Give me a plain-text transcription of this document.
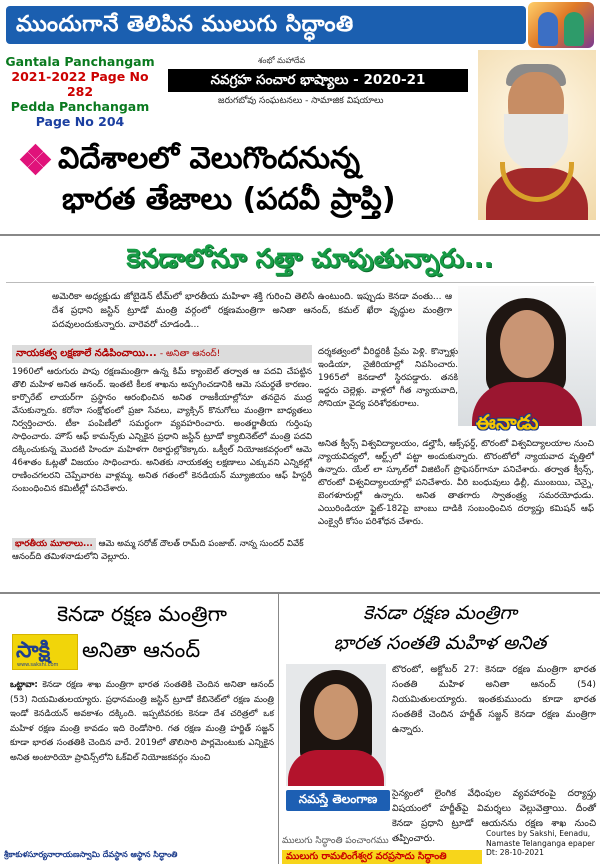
ముందుగానే తెలిపిన ములుగు సిద్ధాంతి
Gantala Panchangam
2021-2022 Page No 282
Pedda Panchangam
Page No 204
శంభో మహాదేవ
నవగ్రహ సంచార భాష్యాలు - 2020-21
జరుగబోవు సంఘటనలు - సామాజిక విషయాలు
విదేశాలలో వెలుగొందనున్న
భారత తేజాలు (పదవీ ప్రాప్తి)
కెనడాలోనూ సత్తా చూపుతున్నారు...
అమెరికా అధ్యక్షుడు జోబైడెన్ టీమ్‌లో భారతీయ మహిళా శక్తి గురించి తెలిసే ఉంటుంది. ఇప్పుడు కెనడా వంతు... ఆ దేశ ప్రధాని జస్టిన్ ట్రూడో మంత్రి వర్గంలో రక్షణమంత్రిగా అనితా ఆనంద్, కమల్ ఖేరా వృద్ధుల మంత్రిగా పదవులందుకున్నారు. వారెవరో చూడండి...
ఈనాడు
నాయకత్వ లక్షణాలే నడిపించాయి... - అనితా ఆనంద్!
1960లో ఆరుగురు పాపు రక్షణమంత్రిగా ఉన్న కిమ్ క్యాంబెల్ తర్వాత ఆ పదవి చేపట్టిన తొలి మహిళ అనిత ఆనంద్. ఇంతటి కీలక శాఖను అప్పగించడానికి ఆమె సమర్థతే కారణం. కార్పొరేట్ లాయర్‌గా ప్రస్థానం ఆరంభించిన అనిత రాజకీయాల్లోనూ తనదైన ముద్ర వేసుకున్నారు. కరోనా సంక్షోభంలో ప్రజా సేవలు, వ్యాక్సిన్ కొనుగోలు మంత్రిగా బాధ్యతలు నిర్వర్తించారు. టీకా పంపిణీలో సమర్థంగా వ్యవహరించారు. అంతర్జాతీయ గుర్తింపు సాధించారు. హౌస్ ఆఫ్ కామన్స్‌కు ఎన్నికైన ప్రధాని జస్టిన్ ట్రూడో క్యాబినెట్‌లో మంత్రి పదవి దక్కించుకున్న మొదటి హిందూ మహిళగా రికార్డుల్లోకెక్కారు. ఒక్వీల్ నియోజకవర్గంలో ఆమె 46శాతం ఓట్లతో విజయం సాధించారు. అనితకు నాయకత్వ లక్షణాలు ఎక్కువని ఎన్నికల్లో రాణించగలరని చెప్పేవారట వాళ్లమ్మ. అనిత గతంలో కెనడియన్ మ్యూజియం ఆఫ్ హిస్టరీ సంబంధించిన కమిటీల్లో పనిచేశారు.
దర్శకత్వంలో వీరిద్దరికీ ప్రేమ పెళ్లి. కొన్నాళ్లు ఇండియా, నైజీరియాల్లో నివసించారు. 1965లో కెనడాలో స్థిరపడ్డారు. తనకి ఇద్దరు చెల్లెళ్లు. వాళ్లలో గీత న్యాయవాది, సోనియా వైద్య పరిశోధకురాలు.
అనిత క్వీన్స్ విశ్వవిద్యాలయం, డల్హౌసీ, ఆక్స్‌ఫర్డ్, టొరంటో విశ్వవిద్యాలయాల నుంచి న్యాయవిద్యలో, ఆర్ట్స్‌లో పట్టా అందుకున్నారు. టొరంటోలో న్యాయవాద వృత్తిలో ఉన్నారు. యేల్ లా స్కూల్‌లో విజిటింగ్ ప్రొఫెసర్‌గానూ పనిచేశారు. తర్వాత క్వీన్స్, టొరంటో విశ్వవిద్యాలయాల్లో పనిచేశారు. వీరి బంధువులు ఢిల్లీ, ముంబయి, చెన్నై, బెంగళూరుల్లో ఉన్నారు. అనిత తాతగారు స్వాతంత్ర్య సమరయోధుడు. ఎయిరిండియా ఫ్లైట్-182పై బాంబు దాడికి సంబంధించిన దర్యాప్తు కమిషన్ ఆఫ్ ఎంక్వైరీ కోసం పరిశోధన చేశారు.
భారతీయ మూలాలు... ఆమె అమ్మ సరోజ్ దౌలత్ రామ్‌ది పంజాబ్. నాన్న సుందర్ వివేక్ ఆనంద్‌ది తమిళనాడులోని వెల్లూరు.
కెనడా రక్షణ మంత్రిగా
సాక్షి
www.sakshi.com
అనితా ఆనంద్
ఒట్టావా: కెనడా రక్షణ శాఖ మంత్రిగా భారత సంతతికి చెందిన అనితా ఆనంద్ (53) నియమితులయ్యారు. ప్రధానమంత్రి జస్టిన్ ట్రూడో కేబినెట్‌లో రక్షణ మంత్రి ఇండో కెనడియన్ అవకాశం దక్కింది. ఇప్పటివరకు కెనడా దేశ చరిత్రలో ఒక మహిళ రక్షణ మంత్రి కావడం ఇది రెండోసారి. గత రక్షణ మంత్రి హర్జిత్ సజ్జన్ కూడా భారత సంతతికి చెందిన వారే. 2019లో తొలిసారి పార్లమెంటుకు ఎన్నికైన అనిత అంటారియో ప్రావిన్స్‌లోని ఓక్‌విల్ నియోజకవర్గం నుంచి
కెనడా రక్షణ మంత్రిగా
భారత సంతతి మహిళ అనిత
నమస్తే తెలంగాణ
టొరంటో, అక్టోబర్ 27: కెనడా రక్షణ మంత్రిగా భారత సంతతి మహిళ అనితా ఆనంద్ (54) నియమితులయ్యారు. ఇంతకుముందు కూడా భారత సంతతికే చెందిన హర్జీత్ సజ్జన్ కెనడా రక్షణ మంత్రిగా ఉన్నారు.
సైన్యంలో లైంగిక వేధింపుల వ్యవహారంపై దర్యాప్తు విషయంలో హర్జీత్‌పై విమర్శలు వెల్లువెత్తాయి. దీంతో కెనడా ప్రధాని ట్రూడో ఆయనను రక్షణ శాఖ నుంచి తప్పించారు.
ములుగు సిద్ధాంతి పంచాంగము
శ్రీకాకుళసూర్యనారాయణస్వామి దేవస్థాన ఆస్థాన సిద్ధాంతి	ములుగు రామలింగేశ్వర వరప్రసాదు సిద్ధాంతి
Courtes by Sakshi, Eenadu,
Namaste Telanganga epaper
Dt: 28-10-2021
